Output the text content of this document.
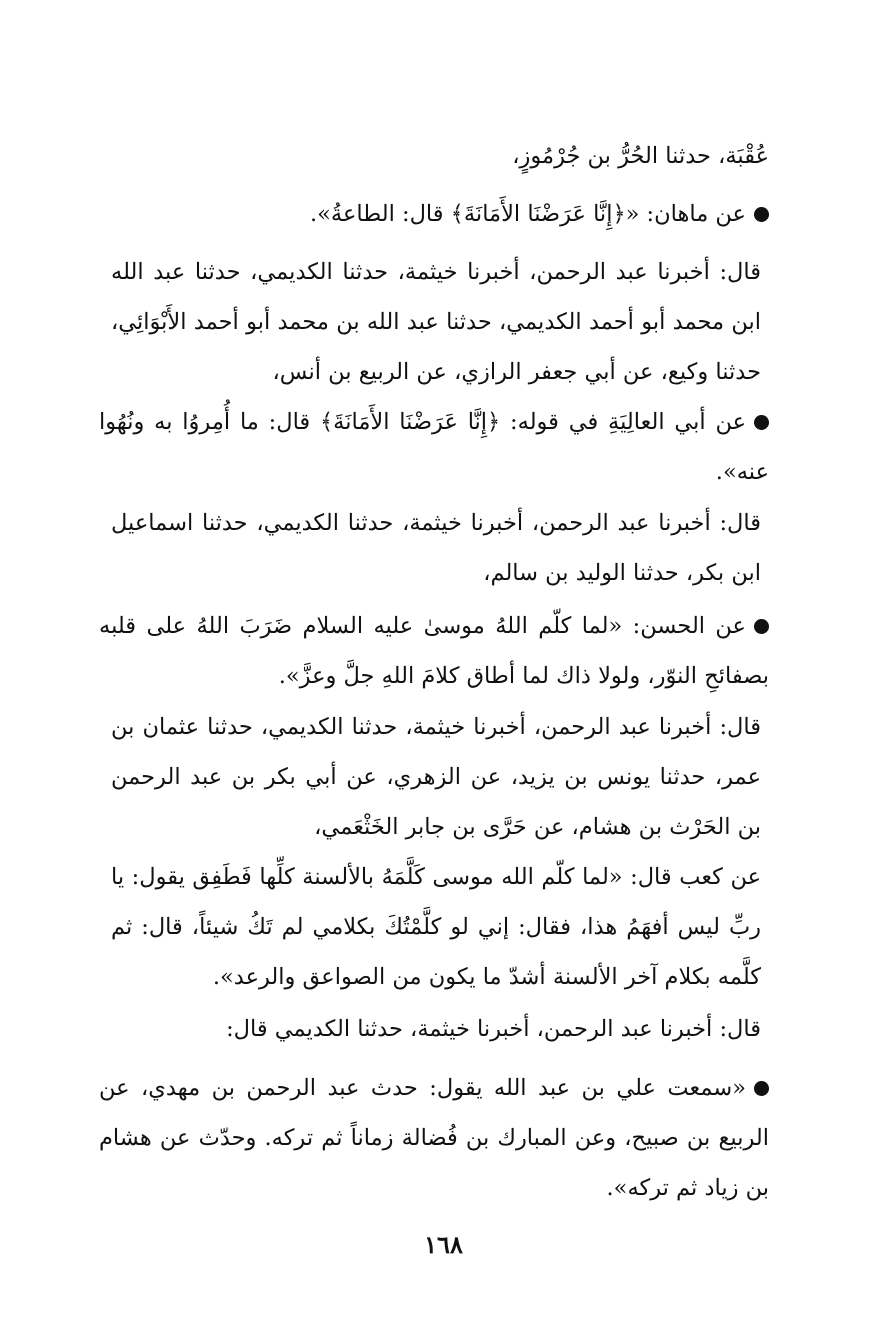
عُقْبَة، حدثنا الحُرُّ بن جُرْمُوزٍ،

عن ماهان: «﴿إِنَّا عَرَضْنَا الأَمَانَةَ﴾ قال: الطاعةُ».

قال: أخبرنا عبد الرحمن، أخبرنا خيثمة، حدثنا الكديمي، حدثنا عبد الله ابن محمد أبو أحمد الكديمي، حدثنا عبد الله بن محمد أبو أحمد الأَبْوَائِي، حدثنا وكيع، عن أبي جعفر الرازي، عن الربيع بن أنس،

عن أبي العالِيَةِ في قوله: ﴿إِنَّا عَرَضْنَا الأَمَانَةَ﴾ قال: ما أُمِروُا به ونُهُوا عنه».

قال: أخبرنا عبد الرحمن، أخبرنا خيثمة، حدثنا الكديمي، حدثنا اسماعيل ابن بكر، حدثنا الوليد بن سالم،

عن الحسن: «لما كلّم اللهُ موسىٰ عليه السلام ضَرَبَ اللهُ على قلبه بصفائحِ النوّر، ولولا ذاك لما أطاق كلامَ اللهِ جلَّ وعزَّ».

قال: أخبرنا عبد الرحمن، أخبرنا خيثمة، حدثنا الكديمي، حدثنا عثمان بن عمر، حدثنا يونس بن يزيد، عن الزهري، عن أبي بكر بن عبد الرحمن بن الحَرْث بن هشام، عن حَرَّى بن جابر الخَثْعَمي،

عن كعب قال: «لما كلّم الله موسى كَلَّمَهُ بالألسنة كلِّها فَطَفِق يقول: يا ربِّ ليس أفهَمُ هذا، فقال: إني لو كلَّمْتُكَ بكلامي لم تَكُ شيئاً، قال: ثم كلَّمه بكلام آخر الألسنة أشدّ ما يكون من الصواعق والرعد».

قال: أخبرنا عبد الرحمن، أخبرنا خيثمة، حدثنا الكديمي قال:

«سمعت علي بن عبد الله يقول: حدث عبد الرحمن بن مهدي، عن الربيع بن صبيح، وعن المبارك بن فُضالة زماناً ثم تركه. وحدّث عن هشام بن زياد ثم تركه».

١٦٨
